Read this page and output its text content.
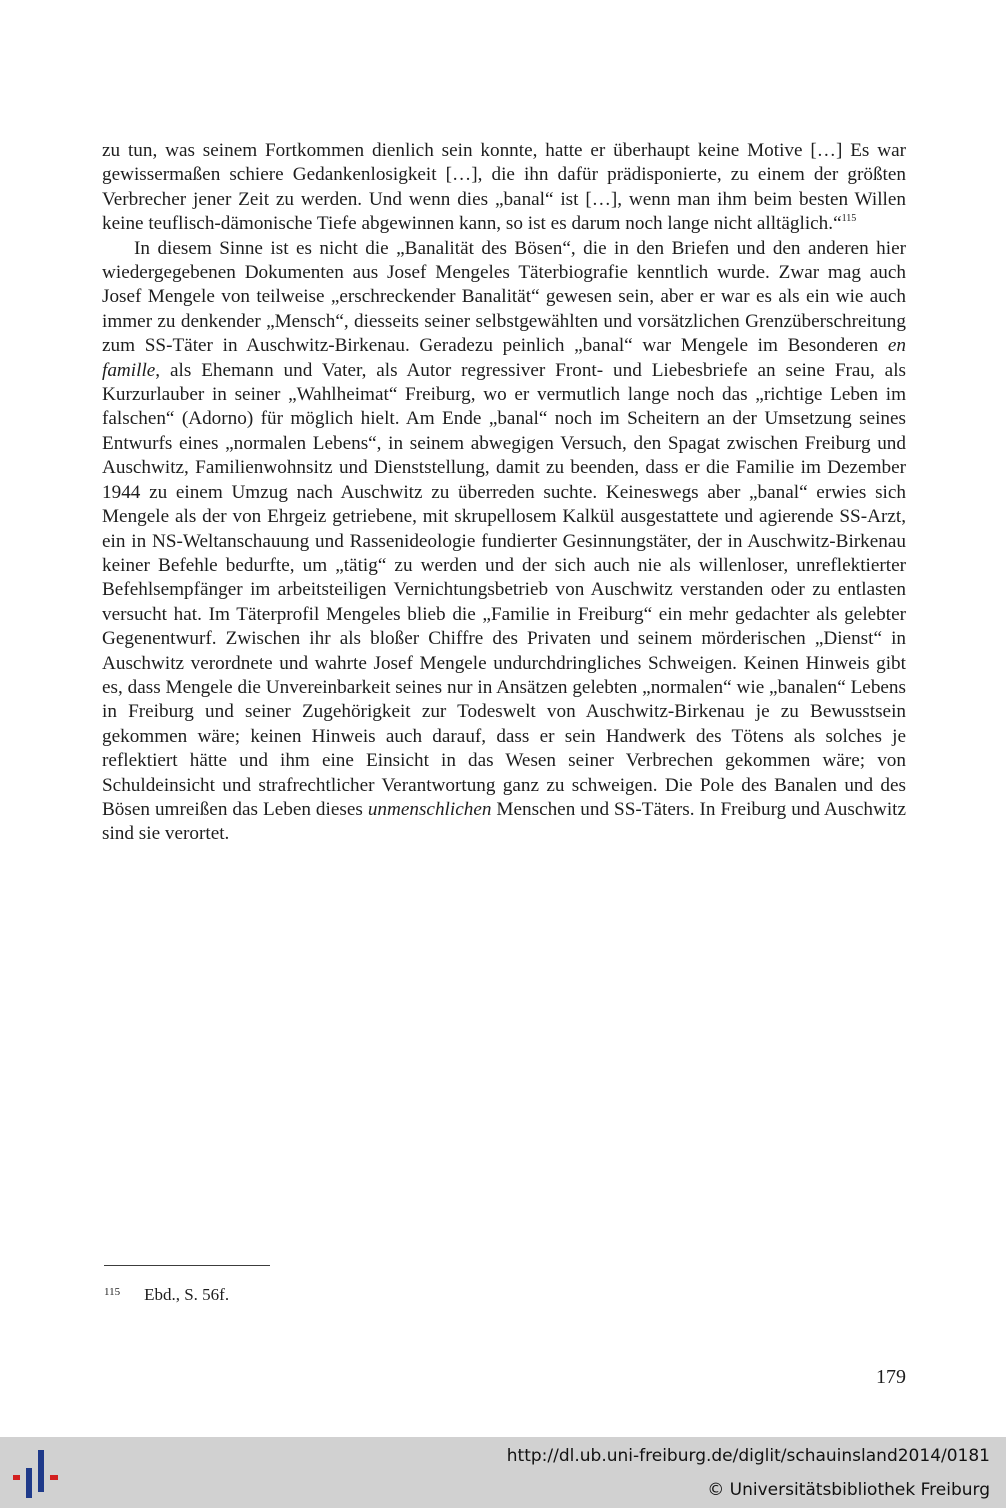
zu tun, was seinem Fortkommen dienlich sein konnte, hatte er überhaupt keine Motive […] Es war gewissermaßen schiere Gedankenlosigkeit […], die ihn dafür prädisponierte, zu einem der größten Verbrecher jener Zeit zu werden. Und wenn dies „banal“ ist […], wenn man ihm beim besten Willen keine teuflisch-dämonische Tiefe abgewinnen kann, so ist es darum noch lange nicht alltäglich.“$^{115}$

In diesem Sinne ist es nicht die „Banalität des Bösen“, die in den Briefen und den anderen hier wiedergegebenen Dokumenten aus Josef Mengeles Täterbiografie kenntlich wurde. Zwar mag auch Josef Mengele von teilweise „erschreckender Banalität“ gewesen sein, aber er war es als ein wie auch immer zu denkender „Mensch“, diesseits seiner selbstgewählten und vorsätzlichen Grenzüberschreitung zum SS-Täter in Auschwitz-Birkenau. Geradezu peinlich „banal“ war Mengele im Besonderen en famille, als Ehemann und Vater, als Autor regressiver Front- und Liebesbriefe an seine Frau, als Kurzurlauber in seiner „Wahlheimat“ Freiburg, wo er vermutlich lange noch das „richtige Leben im falschen“ (Adorno) für möglich hielt. Am Ende „banal“ noch im Scheitern an der Umsetzung seines Entwurfs eines „normalen Lebens“, in seinem abwegigen Versuch, den Spagat zwischen Freiburg und Auschwitz, Familienwohnsitz und Dienststellung, damit zu beenden, dass er die Familie im Dezember 1944 zu einem Umzug nach Auschwitz zu überreden suchte. Keineswegs aber „banal“ erwies sich Mengele als der von Ehrgeiz getriebene, mit skrupellosem Kalkül ausgestattete und agierende SS-Arzt, ein in NS-Weltanschauung und Rassenideologie fundierter Gesinnungstäter, der in Auschwitz-Birkenau keiner Befehle bedurfte, um „tätig“ zu werden und der sich auch nie als willenloser, unreflektierter Befehlsempfänger im arbeitsteiligen Vernichtungsbetrieb von Auschwitz verstanden oder zu entlasten versucht hat. Im Täterprofil Mengeles blieb die „Familie in Freiburg“ ein mehr gedachter als gelebter Gegenentwurf. Zwischen ihr als bloßer Chiffre des Privaten und seinem mörderischen „Dienst“ in Auschwitz verordnete und wahrte Josef Mengele undurchdringliches Schweigen. Keinen Hinweis gibt es, dass Mengele die Unvereinbarkeit seines nur in Ansätzen gelebten „normalen“ wie „banalen“ Lebens in Freiburg und seiner Zugehörigkeit zur Todeswelt von Auschwitz-Birkenau je zu Bewusstsein gekommen wäre; keinen Hinweis auch darauf, dass er sein Handwerk des Tötens als solches je reflektiert hätte und ihm eine Einsicht in das Wesen seiner Verbrechen gekommen wäre; von Schuldeinsicht und strafrechtlicher Verantwortung ganz zu schweigen. Die Pole des Banalen und des Bösen umreißen das Leben dieses unmenschlichen Menschen und SS-Täters. In Freiburg und Auschwitz sind sie verortet.

$^{115}$ Ebd., S. 56f.
179
http://dl.ub.uni-freiburg.de/diglit/schauinsland2014/0181
© Universitätsbibliothek Freiburg
